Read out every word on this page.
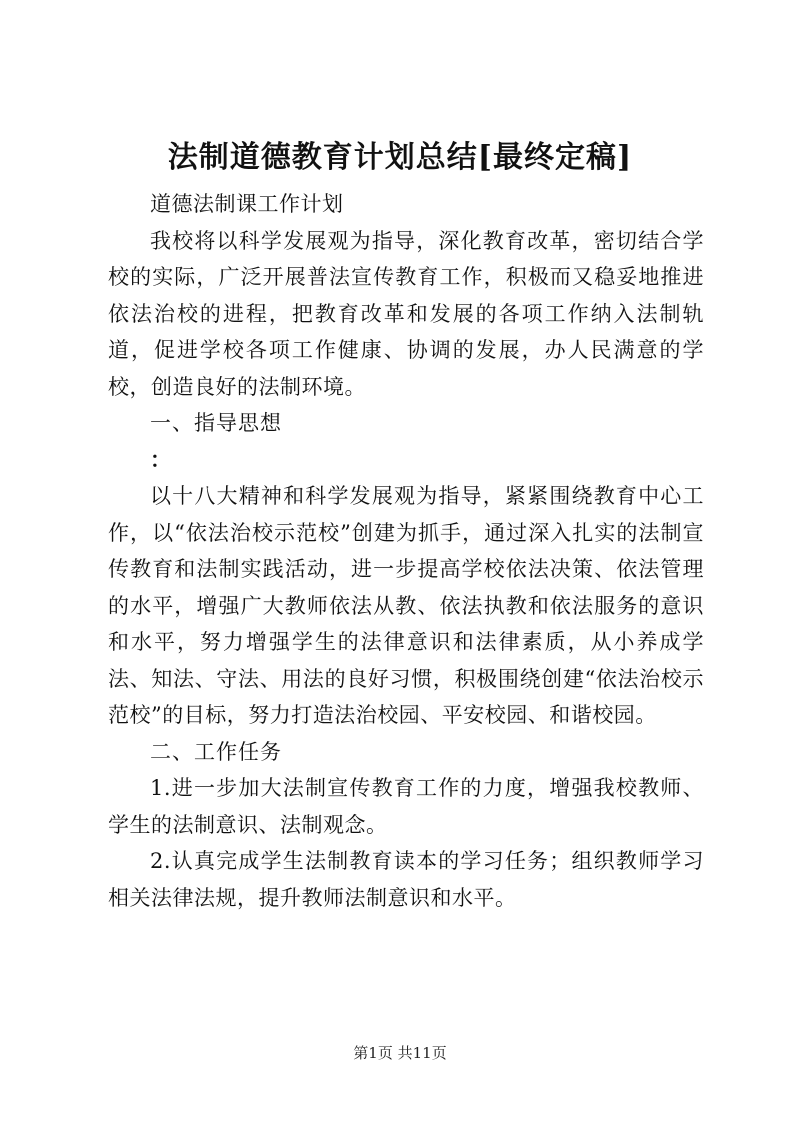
法制道德教育计划总结[最终定稿]

道德法制课工作计划

我校将以科学发展观为指导，深化教育改革，密切结合学校的实际，广泛开展普法宣传教育工作，积极而又稳妥地推进依法治校的进程，把教育改革和发展的各项工作纳入法制轨道，促进学校各项工作健康、协调的发展，办人民满意的学校，创造良好的法制环境。

一、指导思想

：

以十八大精神和科学发展观为指导，紧紧围绕教育中心工作，以“依法治校示范校”创建为抓手，通过深入扎实的法制宣传教育和法制实践活动，进一步提高学校依法决策、依法管理的水平，增强广大教师依法从教、依法执教和依法服务的意识和水平，努力增强学生的法律意识和法律素质，从小养成学法、知法、守法、用法的良好习惯，积极围绕创建“依法治校示范校”的目标，努力打造法治校园、平安校园、和谐校园。

二、工作任务

1.进一步加大法制宣传教育工作的力度，增强我校教师、学生的法制意识、法制观念。

2.认真完成学生法制教育读本的学习任务；组织教师学习相关法律法规，提升教师法制意识和水平。

第1页 共11页
